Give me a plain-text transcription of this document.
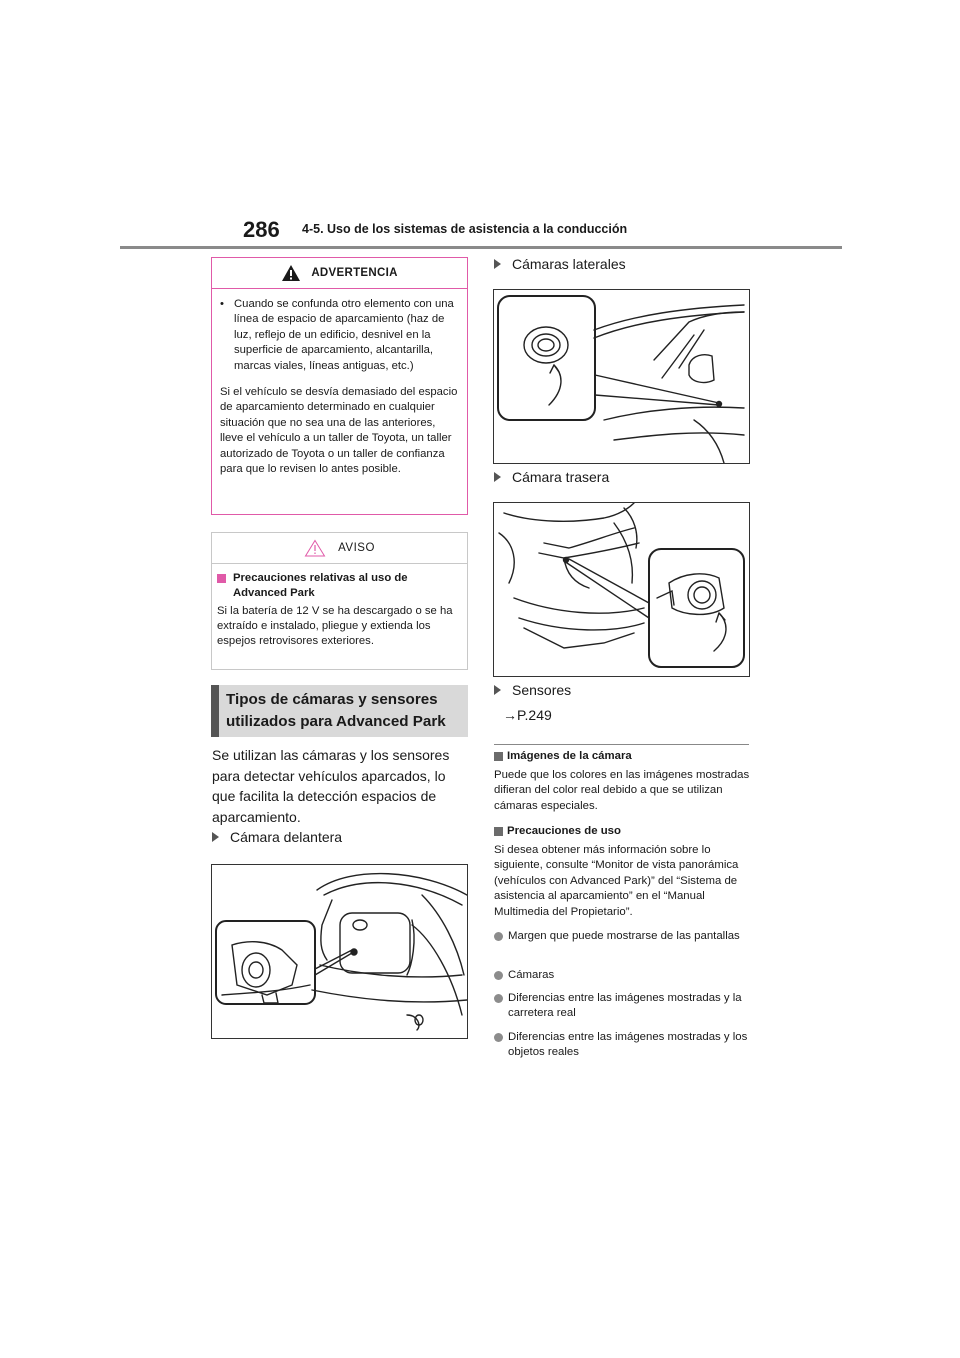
286 4-5. Uso de los sistemas de asistencia a la conducción
ADVERTENCIA
• Cuando se confunda otro elemento con una línea de espacio de aparcamiento (haz de luz, reflejo de un edificio, desnivel en la superficie de aparcamiento, alcantarilla, marcas viales, líneas antiguas, etc.)
Si el vehículo se desvía demasiado del espacio de aparcamiento determinado en cualquier situación que no sea una de las anteriores, lleve el vehículo a un taller de Toyota, un taller autorizado de Toyota o un taller de confianza para que lo revisen lo antes posible.
AVISO
Precauciones relativas al uso de Advanced Park
Si la batería de 12 V se ha descargado o se ha extraído e instalado, pliegue y extienda los espejos retrovisores exteriores.
Tipos de cámaras y sensores utilizados para Advanced Park
Se utilizan las cámaras y los sensores para detectar vehículos aparcados, lo que facilita la detección espacios de aparcamiento.
Cámara delantera
Cámaras laterales
Cámara trasera
Sensores
→P.249
Imágenes de la cámara
Puede que los colores en las imágenes mostradas difieran del color real debido a que se utilizan cámaras especiales.
Precauciones de uso
Si desea obtener más información sobre lo siguiente, consulte “Monitor de vista panorámica (vehículos con Advanced Park)” del “Sistema de asistencia al aparcamiento” en el “Manual Multimedia del Propietario”.
Margen que puede mostrarse de las pantallas
Cámaras
Diferencias entre las imágenes mostradas y la carretera real
Diferencias entre las imágenes mostradas y los objetos reales
